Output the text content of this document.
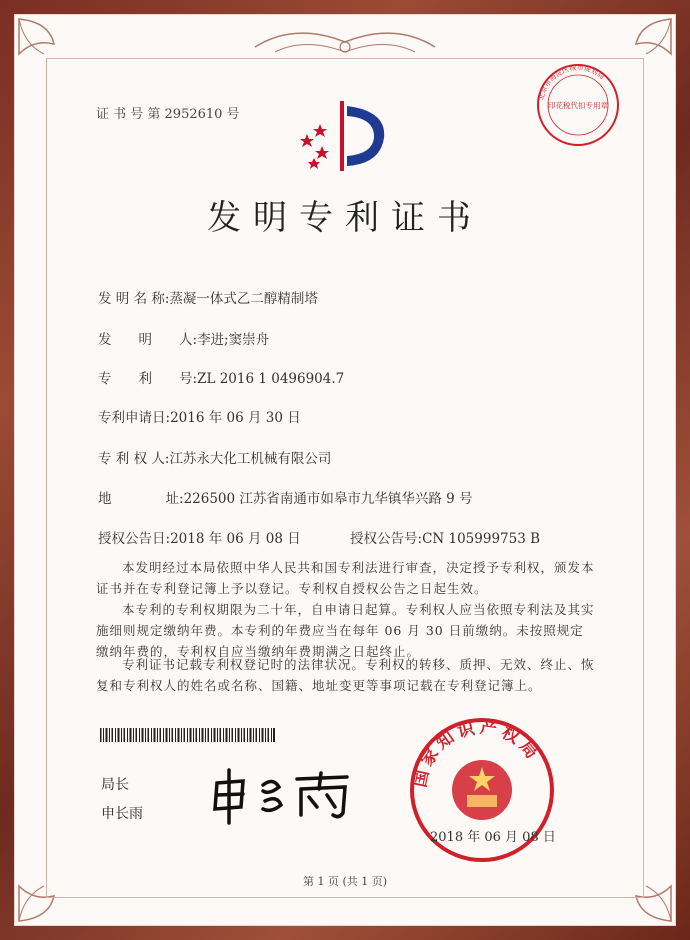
证 书 号 第 2952610 号
发明专利证书
发 明 名 称:蒸凝一体式乙二醇精制塔
发　　明　　人:李进;窦崇舟
专　　利　　号:ZL 2016 1 0496904.7
专利申请日:2016 年 06 月 30 日
专 利 权 人:江苏永大化工机械有限公司
地　　　　址:226500 江苏省南通市如皋市九华镇华兴路 9 号
授权公告日:2018 年 06 月 08 日	授权公告号:CN 105999753 B
本发明经过本局依照中华人民共和国专利法进行审查，决定授予专利权，颁发本证书并在专利登记簿上予以登记。专利权自授权公告之日起生效。
本专利的专利权期限为二十年，自申请日起算。专利权人应当依照专利法及其实施细则规定缴纳年费。本专利的年费应当在每年 06 月 30 日前缴纳。未按照规定缴纳年费的，专利权自应当缴纳年费期满之日起终止。
专利证书记载专利权登记时的法律状况。专利权的转移、质押、无效、终止、恢复和专利权人的姓名或名称、国籍、地址变更等事项记载在专利登记簿上。
局长
申长雨
国家知识产权局
2018 年 06 月 08 日
北京市海淀区城市规划局
印花税代扣专用章
第 1 页 (共 1 页)
